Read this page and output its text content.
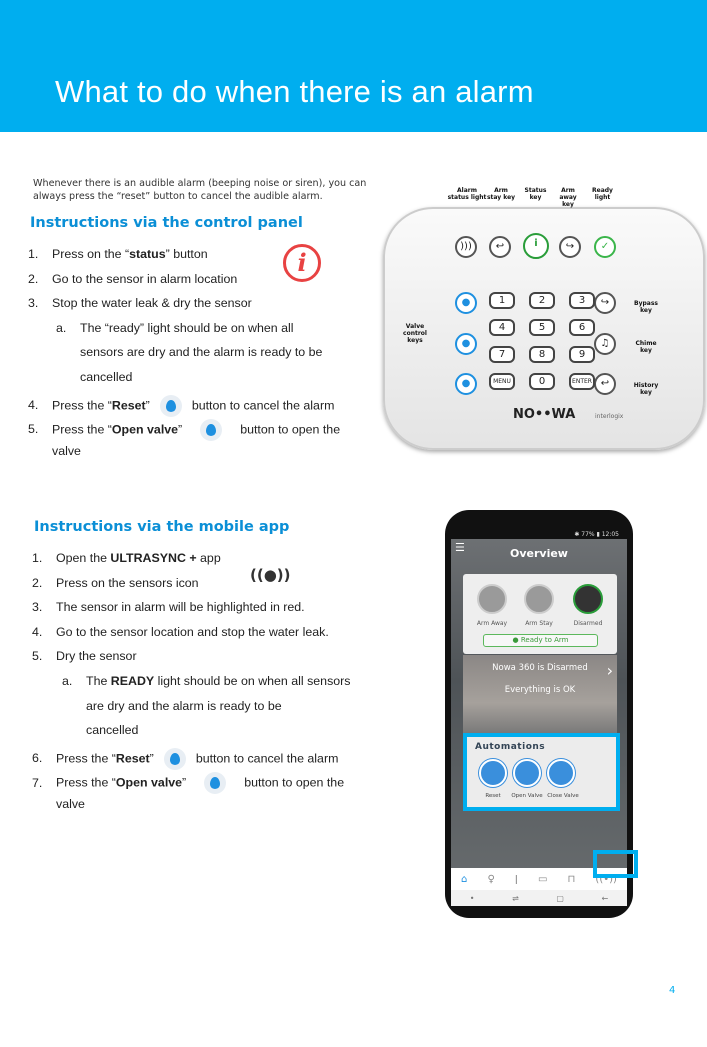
What to do when there is an alarm
Whenever there is an audible alarm (beeping noise or siren), you can always press the “reset” button to cancel the audible alarm.
Instructions via the control panel
1. Press on the “status” button
2. Go to the sensor in alarm location
3. Stop the water leak & dry the sensor
a. The “ready” light should be on when all
sensors are dry and the alarm is ready to be
cancelled
4. Press the “Reset”	button to cancel the alarm
5. Press the “Open valve”	button to open the
valve
i
Instructions via the mobile app
1. Open the ULTRASYNC + app
2. Press on the sensors icon
3. The sensor in alarm will be highlighted in red.
4. Go to the sensor location and stop the water leak.
5. Dry the sensor
a. The READY light should be on when all sensors
are dry and the alarm is ready to be
cancelled
6. Press the “Reset”	button to cancel the alarm
7. Press the “Open valve”	button to open the
valve
((●))
Alarm status light
Arm stay key
Status key
Arm away key
Ready light
Valve control keys
Bypass key
Chime key
History key
)))	↩	i	↪	✓
●
●
●
↪
♫
↩
1	2	3
4	5	6
7	8	9
MENU	0	ENTER
NO••WA	interlogix
✱ 77% ▮ 12:05
☰	Overview
Arm Away	Arm Stay	Disarmed
● Ready to Arm
Nowa 360 is Disarmed
Everything is OK
›
⌂ ♀ ǀ ▭ ⊓ ((•))
•	⇌	▢	←
Automations
Reset	Open Valve Close Valve
4
